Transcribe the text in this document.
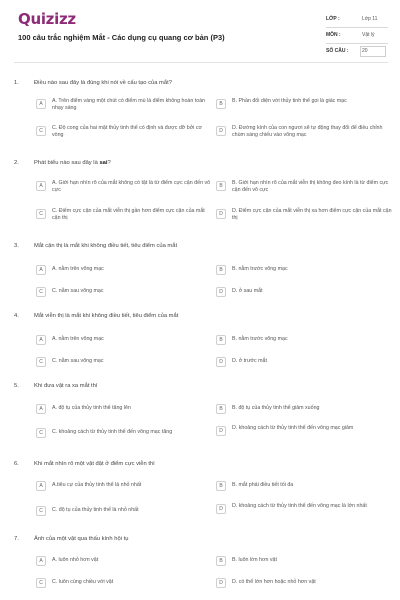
Quizizz
100 câu trắc nghiệm Mắt - Các dụng cụ quang cơ bản (P3)
LỚP :	Lớp 11
MÔN :	Vật lý
SỐ CÂU :	20
1.	Điều nào sau đây là đúng khi nói về cấu tạo của mắt?
A	A. Trên điểm vàng một chút có điểm mù là điểm không hoàn toàn nhạy sáng
B	B. Phần đối diện với thủy tinh thể gọi là giác mạc
C	C. Độ cong của hai mặt thủy tinh thể có định và được dỡ bởi cơ vòng
D	D. Đường kính của con ngươi sẽ tự động thay đổi để điều chỉnh chùm sáng chiếu vào võng mạc
2.	Phát biểu nào sau đây là sai?
A	A. Giới hạn nhìn rõ của mắt không có tật là từ điểm cực cận đến vô cực
B	B. Giới hạn nhìn rõ của mắt viễn thị không đeo kính là từ điểm cực cận đến vô cực
C	C. Điểm cực cận của mắt viễn thị gần hơn điểm cực cận của mắt cận thị
D	D. Điểm cực cận của mắt viễn thị xa hơn điểm cực cận của mắt cận thị
3.	Mắt cận thị là mắt khi không điều tiết, tiêu điểm của mắt
A	A. nằm trên võng mạc	B	B. nằm trước võng mạc
C	C. nằm sau võng mạc	D	D. ở sau mắt
4.	Mắt viễn thị là mắt khi không điều tiết, tiêu điểm của mắt
A	A. nằm trên võng mạc	B	B. nằm trước võng mạc
C	C. nằm sau võng mạc	D	D. ở trước mắt
5.	Khi đưa vật ra xa mắt thì
A	A. độ tụ của thủy tinh thể tăng lên	B	B. độ tụ của thủy tinh thể giảm xuống
C	C. khoảng cách từ thủy tinh thể đến võng mạc tăng	D	D. khoảng cách từ thủy tinh thể đến võng mạc giảm
6.	Khi mắt nhìn rõ một vật đặt ở điểm cực viễn thì
A	A.tiêu cự của thủy tinh thể là nhỏ nhất	B	B. mắt phải điều tiết tối đa
C	C. độ tụ của thủy tinh thể là nhỏ nhất	D	D. khoảng cách từ thủy tinh thể đến võng mạc là lớn nhất
7.	Ảnh của một vật qua thấu kính hội tụ
A	A. luôn nhỏ hơn vật	B	B. luôn lớn hơn vật
C	C. luôn cùng chiều với vật	D	D. có thể lớn hơn hoặc nhỏ hơn vật
